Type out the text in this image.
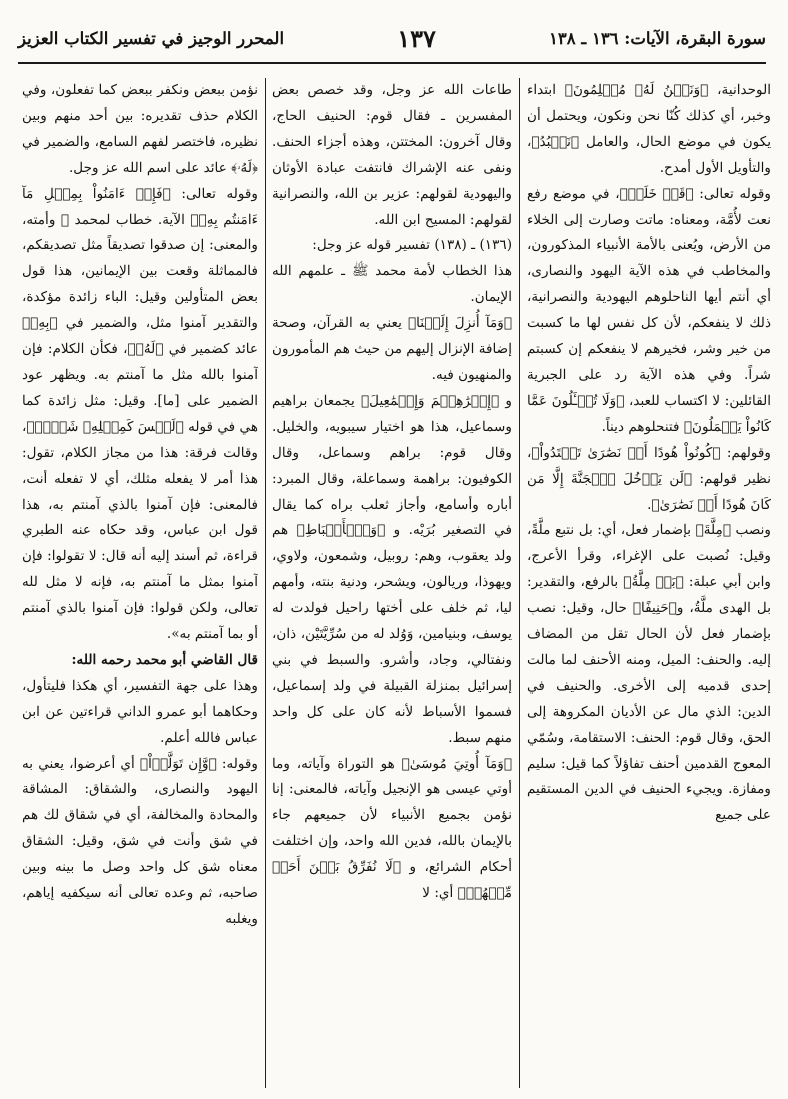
سورة البقرة، الآيات: ١٣٦ ـ ١٣٨
١٣٧
المحرر الوجيز في تفسير الكتاب العزيز

الوحدانية، ﴿وَنَحۡنُ لَهُۥ مُسۡلِمُونَ﴾ ابتداء وخبر، أي كذلك كُنّا نحن ونكون، ويحتمل أن يكون في موضع الحال، والعامل ﴿نَعۡبُدُ﴾، والتأويل الأول أمدح.

وقوله تعالى: ﴿قَدۡ خَلَتۡ﴾، في موضع رفع نعت لأُمَّة، ومعناه: ماتت وصارت إلى الخلاء من الأرض، ويُعنى بالأمة الأنبياء المذكورون، والمخاطب في هذه الآية اليهود والنصارى، أي أنتم أيها الناحلوهم اليهودية والنصرانية، ذلك لا ينفعكم، لأن كل نفس لها ما كسبت من خير وشر، فخيرهم لا ينفعكم إن كسبتم شراً. وفي هذه الآية رد على الجبرية القائلين: لا اكتساب للعبد، ﴿وَلَا تُسۡـَٔلُونَ عَمَّا كَانُواْ يَعۡمَلُونَ﴾ فتنحلوهم ديناً.

وقولهم: ﴿كُونُواْ هُودًا أَوۡ نَصَٰرَىٰ تَهۡتَدُواْ﴾، نظير قولهم: ﴿لَن يَدۡخُلَ ٱلۡجَنَّةَ إِلَّا مَن كَانَ هُودًا أَوۡ نَصَٰرَىٰ﴾.

ونصب ﴿مِلَّةَ﴾ بإضمار فعل، أي: بل نتبع ملَّةً، وقيل: نُصبت على الإغراء، وقرأ الأعرج، وابن أبي عبلة: ﴿بَلۡ مِلَّةُ﴾ بالرفع، والتقدير: بل الهدى ملَّةُ، و﴿حَنِيفًا﴾ حال، وقيل: نصب بإضمار فعل لأن الحال تقل من المضاف إليه. والحنف: الميل، ومنه الأحنف لما مالت إحدى قدميه إلى الأخرى. والحنيف في الدين: الذي مال عن الأديان المكروهة إلى الحق، وقال قوم: الحنف: الاستقامة، وسُمّي المعوج القدمين أحنف تفاؤلاً كما قيل: سليم ومفازة. ويجيء الحنيف في الدين المستقيم على جميع

طاعات الله عز وجل، وقد خصص بعض المفسرين ـ فقال قوم: الحنيف الحاج، وقال آخرون: المختتن، وهذه أجزاء الحنف. ونفى عنه الإشراك فانتفت عبادة الأوثان واليهودية لقولهم: عزير بن الله، والنصرانية لقولهم: المسيح ابن الله.

(١٣٦) ـ (١٣٨) تفسير قوله عز وجل:

هذا الخطاب لأمة محمد ﷺ ـ علمهم الله الإيمان.

﴿وَمَآ أُنزِلَ إِلَيۡنَا﴾ يعني به القرآن، وصحة إضافة الإنزال إليهم من حيث هم المأمورون والمنهيون فيه.

و ﴿إِبۡرَٰهِـۧمَ وَإِسۡمَٰعِيلَ﴾ يجمعان براهيم وسماعيل، هذا هو اختيار سيبويه، والخليل. وقال قوم: براهم وسماعل، وقال الكوفيون: براهمة وسماعلة، وقال المبرد: أباره وأسامع، وأجاز ثعلب براه كما يقال في التصغير بُرَيْه. و ﴿وَٱلۡأَسۡبَاطِ﴾ هم ولد يعقوب، وهم: روبيل، وشمعون، ولاوي، ويهوذا، وريالون، ويشحر، ودنية بنته، وأمهم ليا، ثم خلف على أختها راحيل فولدت له يوسف، وبنيامين، وَوُلد له من سُرِّيَّتَيْن، ذان، ونفتالي، وجاد، وأشرو. والسبط في بني إسرائيل بمنزلة القبيلة في ولد إسماعيل، فسموا الأسباط لأنه كان على كل واحد منهم سبط.

﴿وَمَآ أُوتِيَ مُوسَىٰ﴾ هو التوراة وآياته، وما أوتي عيسى هو الإنجيل وآياته، فالمعنى: إنا نؤمن بجميع الأنبياء لأن جميعهم جاء بالإيمان بالله، فدين الله واحد، وإن اختلفت أحكام الشرائع، و ﴿لَا نُفَرِّقُ بَيۡنَ أَحَدٖ مِّنۡهُمۡ﴾ أي: لا

نؤمن ببعض ونكفر ببعض كما تفعلون، وفي الكلام حذف تقديره: بين أحد منهم وبين نظيره، فاختصر لفهم السامع، والضمير في ﴿لَهُۥ﴾ عائد على اسم الله عز وجل.

وقوله تعالى: ﴿فَإِنۡ ءَامَنُواْ بِمِثۡلِ مَآ ءَامَنتُم بِهِۦ﴾ الآية. خطاب لمحمد ﷺ وأمته، والمعنى: إن صدقوا تصديقاً مثل تصديقكم، فالمماثلة وقعت بين الإيمانين، هذا قول بعض المتأولين وقيل: الباء زائدة مؤكدة، والتقدير آمنوا مثل، والضمير في ﴿بِهِۦ﴾ عائد كضمير في ﴿لَهُۥ﴾، فكأن الكلام: فإن آمنوا بالله مثل ما آمنتم به. ويظهر عود الضمير على [ما]. وقيل: مثل زائدة كما هي في قوله ﴿لَيۡسَ كَمِثۡلِهِۦ شَيۡءٞ﴾، وقالت فرقة: هذا من مجاز الكلام، تقول: هذا أمر لا يفعله مثلك، أي لا تفعله أنت، فالمعنى: فإن آمنوا بالذي آمنتم به، هذا قول ابن عباس، وقد حكاه عنه الطبري قراءة، ثم أسند إليه أنه قال: لا تقولوا: فإن آمنوا بمثل ما آمنتم به، فإنه لا مثل لله تعالى، ولكن قولوا: فإن آمنوا بالذي آمنتم أو بما آمنتم به».

قال القاضي أبو محمد رحمه الله:

وهذا على جهة التفسير، أي هكذا فليتأول، وحكاهما أبو عمرو الداني قراءتين عن ابن عباس فالله أعلم.

وقوله: ﴿وَّإِن تَوَلَّوۡاْ﴾ أي أعرضوا، يعني به اليهود والنصارى، والشقاق: المشاقة والمحادة والمخالفة، أي في شقاق لك هم في شق وأنت في شق، وقيل: الشقاق معناه شق كل واحد وصل ما بينه وبين صاحبه، ثم وعده تعالى أنه سيكفيه إياهم، ويغلبه
